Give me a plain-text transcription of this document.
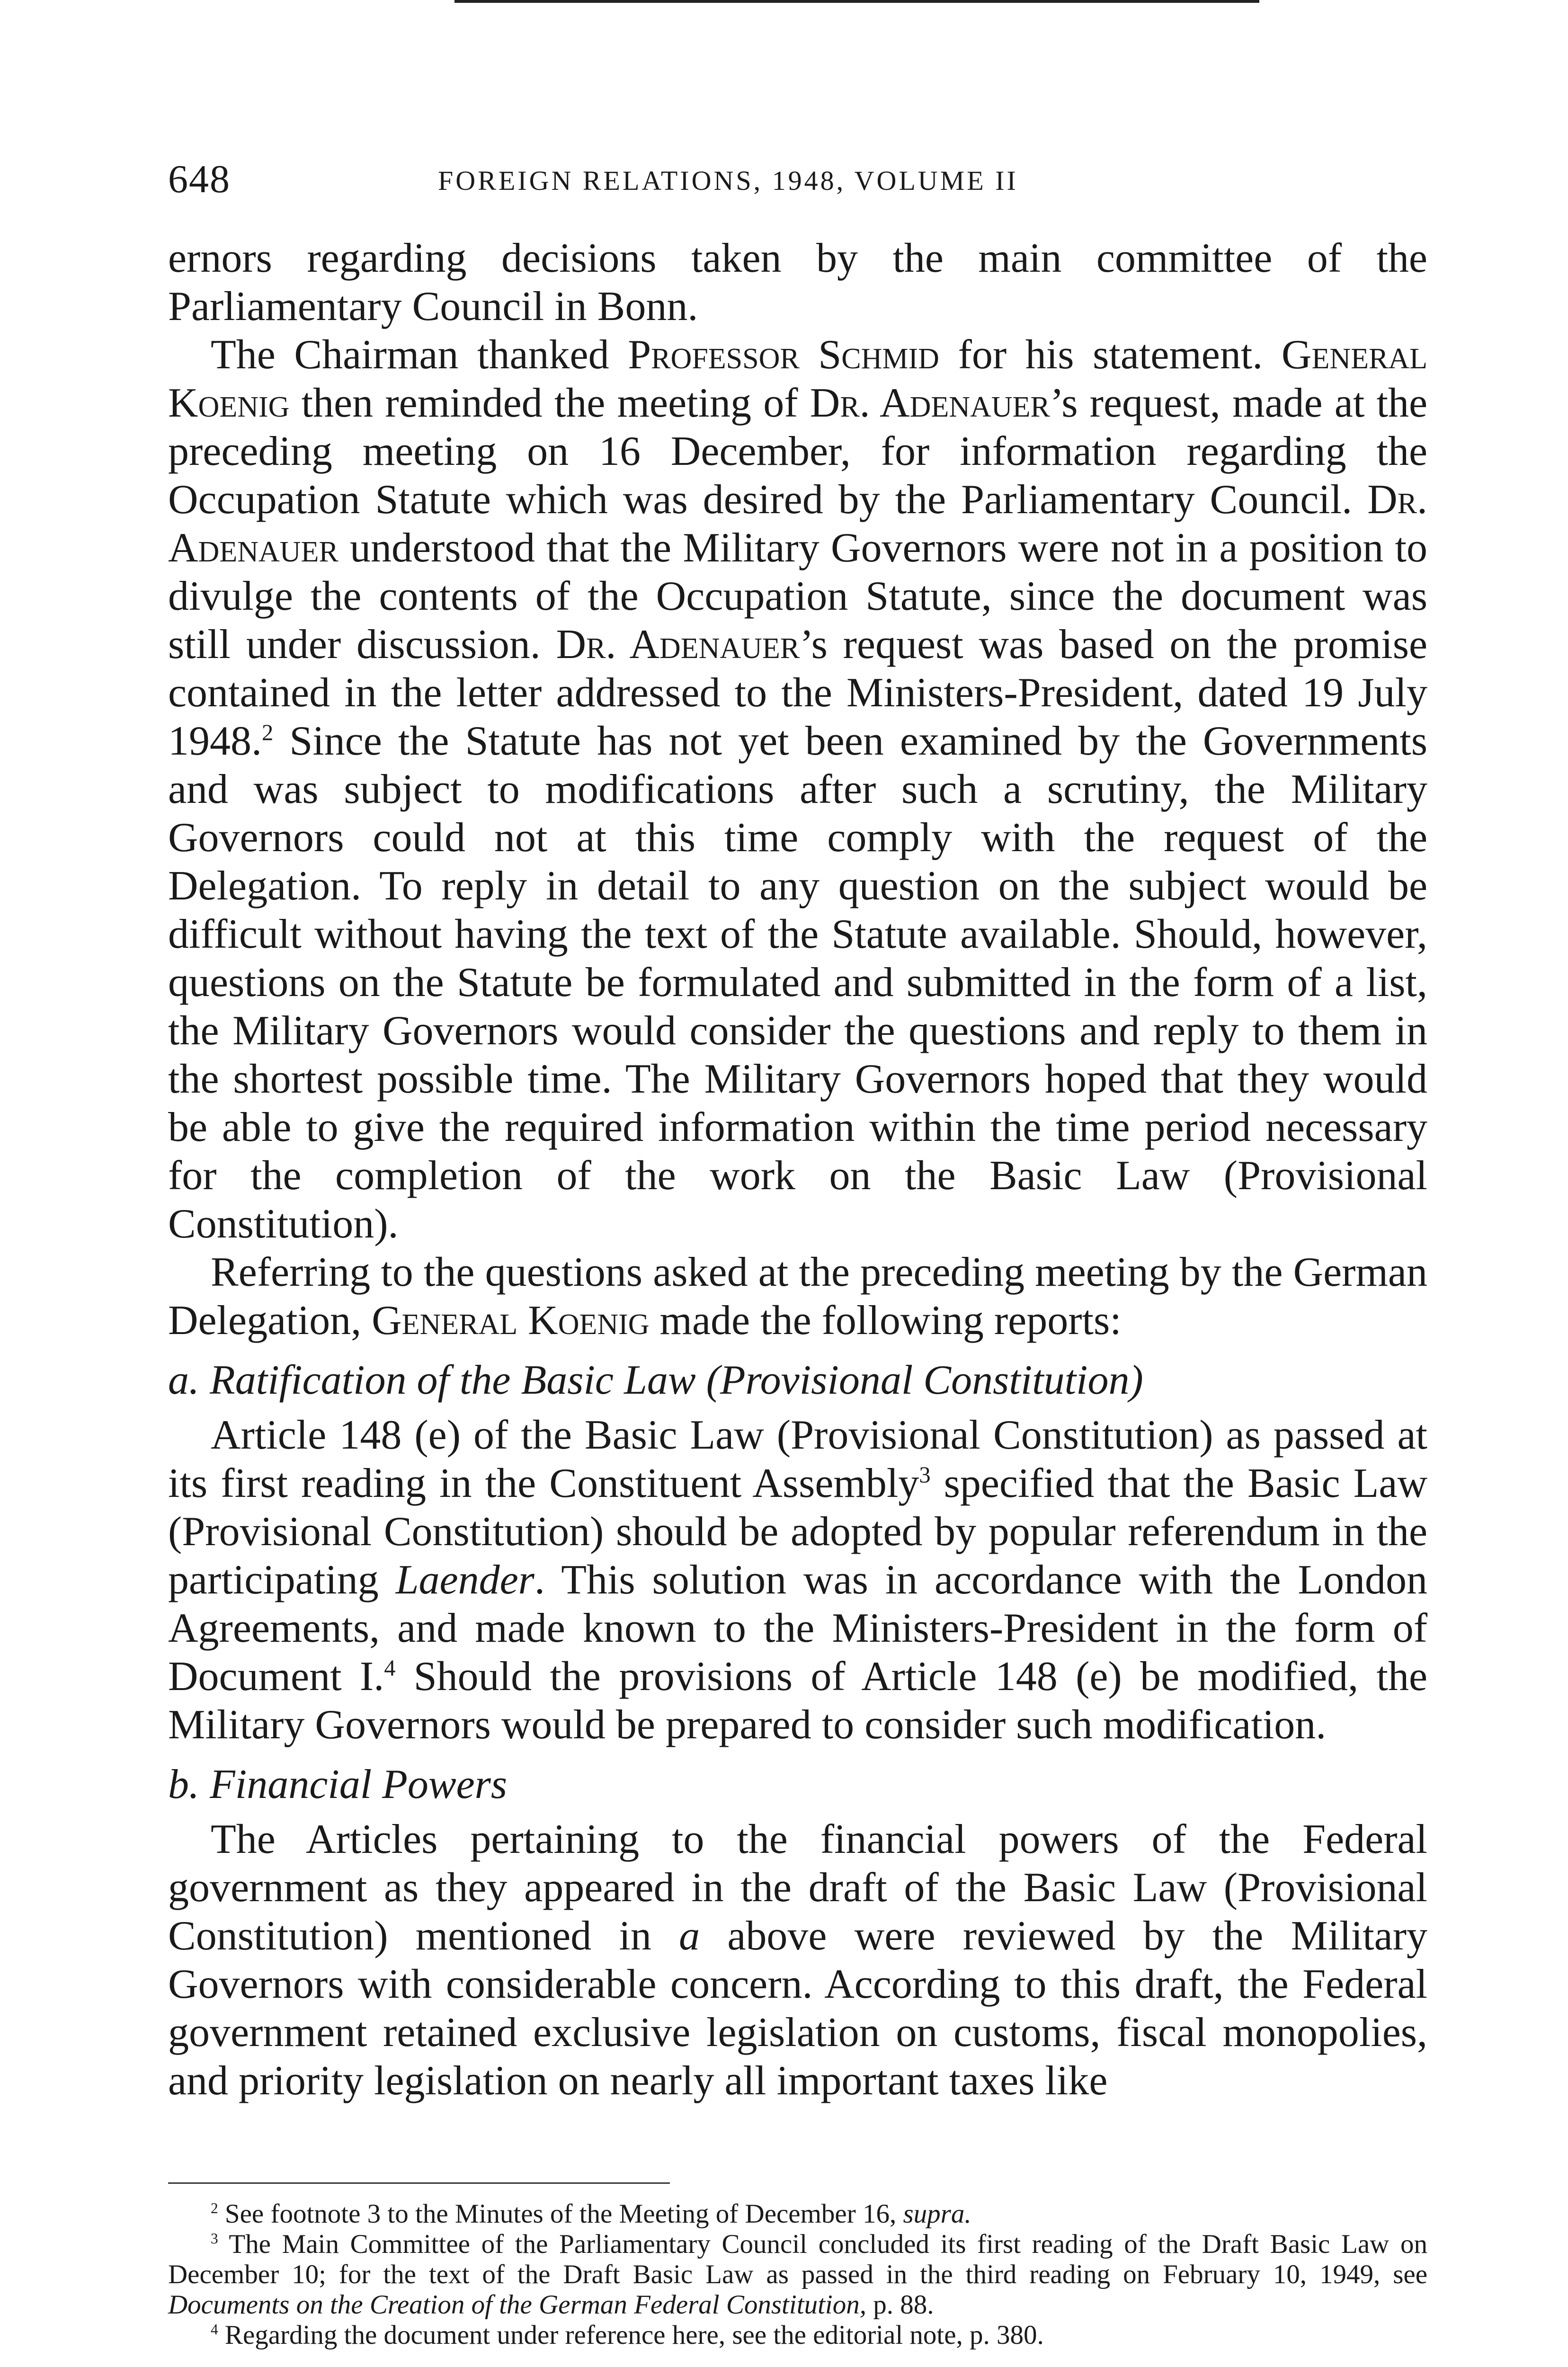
648	FOREIGN RELATIONS, 1948, VOLUME II

ernors regarding decisions taken by the main committee of the Parliamentary Council in Bonn.

The Chairman thanked Professor Schmid for his statement. General Koenig then reminded the meeting of Dr. Adenauer’s request, made at the preceding meeting on 16 December, for information regarding the Occupation Statute which was desired by the Parliamentary Council. Dr. Adenauer understood that the Military Governors were not in a position to divulge the contents of the Occupation Statute, since the document was still under discussion. Dr. Adenauer’s request was based on the promise contained in the letter addressed to the Ministers-President, dated 19 July 1948.$^2$ Since the Statute has not yet been examined by the Governments and was subject to modifications after such a scrutiny, the Military Governors could not at this time comply with the request of the Delegation. To reply in detail to any question on the subject would be difficult without having the text of the Statute available. Should, however, questions on the Statute be formulated and submitted in the form of a list, the Military Governors would consider the questions and reply to them in the shortest possible time. The Military Governors hoped that they would be able to give the required information within the time period necessary for the completion of the work on the Basic Law (Provisional Constitution).

Referring to the questions asked at the preceding meeting by the German Delegation, General Koenig made the following reports:

a. Ratification of the Basic Law (Provisional Constitution)

Article 148 (e) of the Basic Law (Provisional Constitution) as passed at its first reading in the Constituent Assembly$^3$ specified that the Basic Law (Provisional Constitution) should be adopted by popular referendum in the participating Laender. This solution was in accordance with the London Agreements, and made known to the Ministers-President in the form of Document I.$^4$ Should the provisions of Article 148 (e) be modified, the Military Governors would be prepared to consider such modification.

b. Financial Powers

The Articles pertaining to the financial powers of the Federal government as they appeared in the draft of the Basic Law (Provisional Constitution) mentioned in a above were reviewed by the Military Governors with considerable concern. According to this draft, the Federal government retained exclusive legislation on customs, fiscal monopolies, and priority legislation on nearly all important taxes like

$^2$ See footnote 3 to the Minutes of the Meeting of December 16, supra.

$^3$ The Main Committee of the Parliamentary Council concluded its first reading of the Draft Basic Law on December 10; for the text of the Draft Basic Law as passed in the third reading on February 10, 1949, see Documents on the Creation of the German Federal Constitution, p. 88.

$^4$ Regarding the document under reference here, see the editorial note, p. 380.
